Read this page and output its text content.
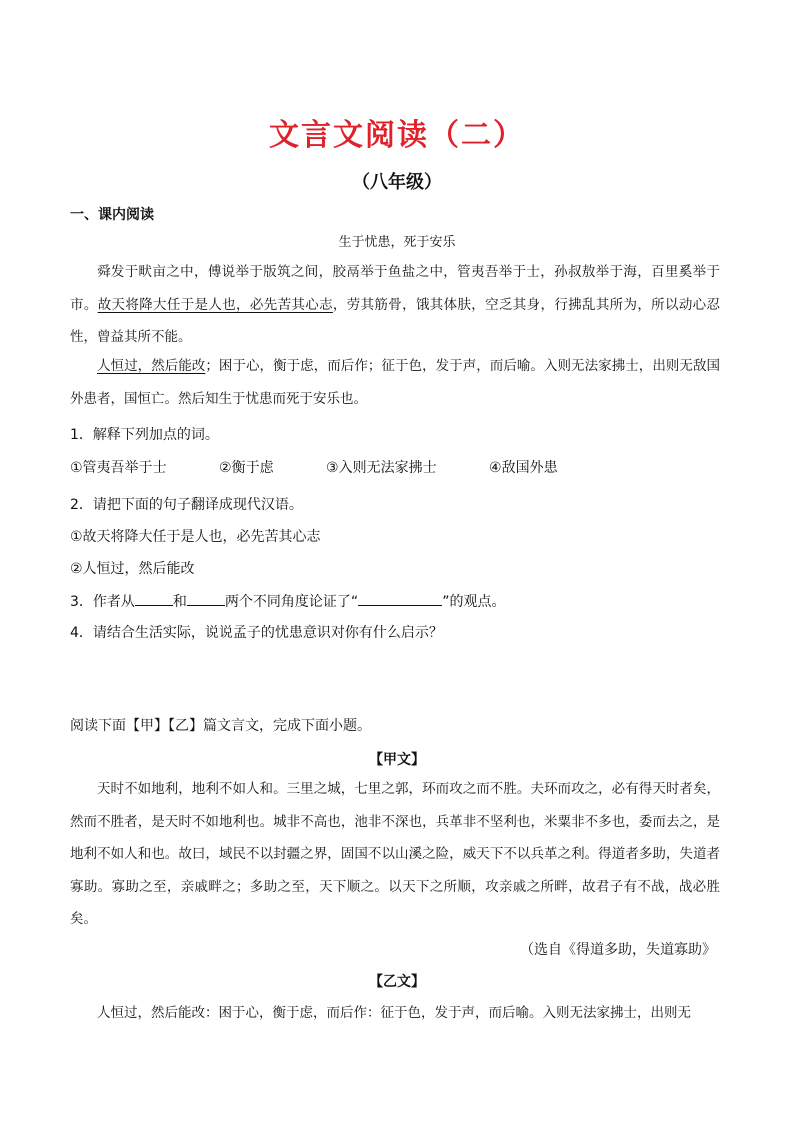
文言文阅读（二）
（八年级）
一、课内阅读
生于忧患，死于安乐

舜发于畎亩之中，傅说举于版筑之间，胶鬲举于鱼盐之中，管夷吾举于士，孙叔敖举于海，百里奚举于市。故天将降大任于是人也，必先苦其心志，劳其筋骨，饿其体肤，空乏其身，行拂乱其所为，所以动心忍性，曾益其所不能。

人恒过，然后能改；困于心，衡于虑，而后作；征于色，发于声，而后喻。入则无法家拂士，出则无敌国外患者，国恒亡。然后知生于忧患而死于安乐也。

1．解释下列加点的词。
①管夷吾举于士	②衡于虑	③入则无法家拂士	④敌国外患
2．请把下面的句子翻译成现代汉语。
①故天将降大任于是人也，必先苦其心志
②人恒过，然后能改
3．作者从	和	两个不同角度论证了“	”的观点。
4．请结合生活实际，说说孟子的忧患意识对你有什么启示？
阅读下面【甲】【乙】篇文言文，完成下面小题。
【甲文】

天时不如地利，地利不如人和。三里之城，七里之郭，环而攻之而不胜。夫环而攻之，必有得天时者矣，然而不胜者，是天时不如地利也。城非不高也，池非不深也，兵革非不坚利也，米粟非不多也，委而去之，是地利不如人和也。故曰，域民不以封疆之界，固国不以山溪之险，威天下不以兵革之利。得道者多助，失道者寡助。寡助之至，亲戚畔之；多助之至，天下顺之。以天下之所顺，攻亲戚之所畔，故君子有不战，战必胜矣。

（选自《得道多助，失道寡助》
【乙文】

人恒过，然后能改：困于心，衡于虑，而后作：征于色，发于声，而后喻。入则无法家拂士，出则无
